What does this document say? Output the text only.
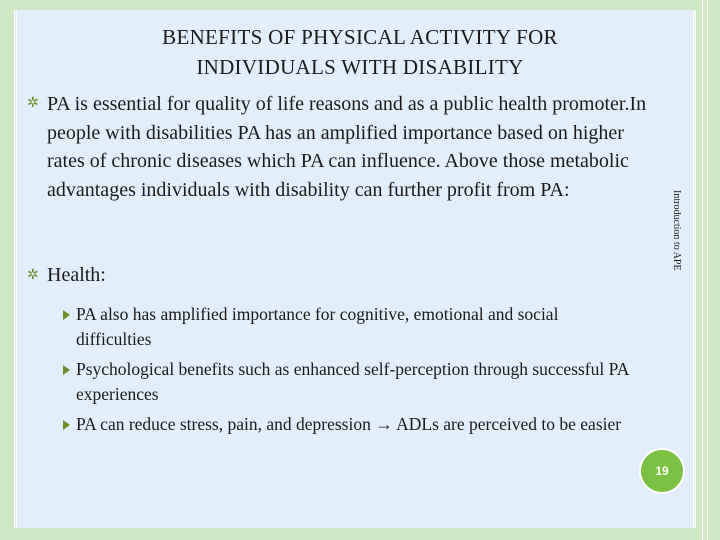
BENEFITS OF PHYSICAL ACTIVITY FOR
INDIVIDUALS WITH DISABILITY
Introduction to APE
✲ PA is essential for quality of life reasons and as a public health promoter.In people with disabilities PA has an amplified importance based on higher rates of chronic diseases which PA can influence. Above those metabolic advantages individuals with disability can further profit from PA:
✲ Health:
PA also has amplified importance for cognitive, emotional and social difficulties
Psychological benefits such as enhanced self-perception through successful PA experiences
PA can reduce stress, pain, and depression → ADLs are perceived to be easier
19
